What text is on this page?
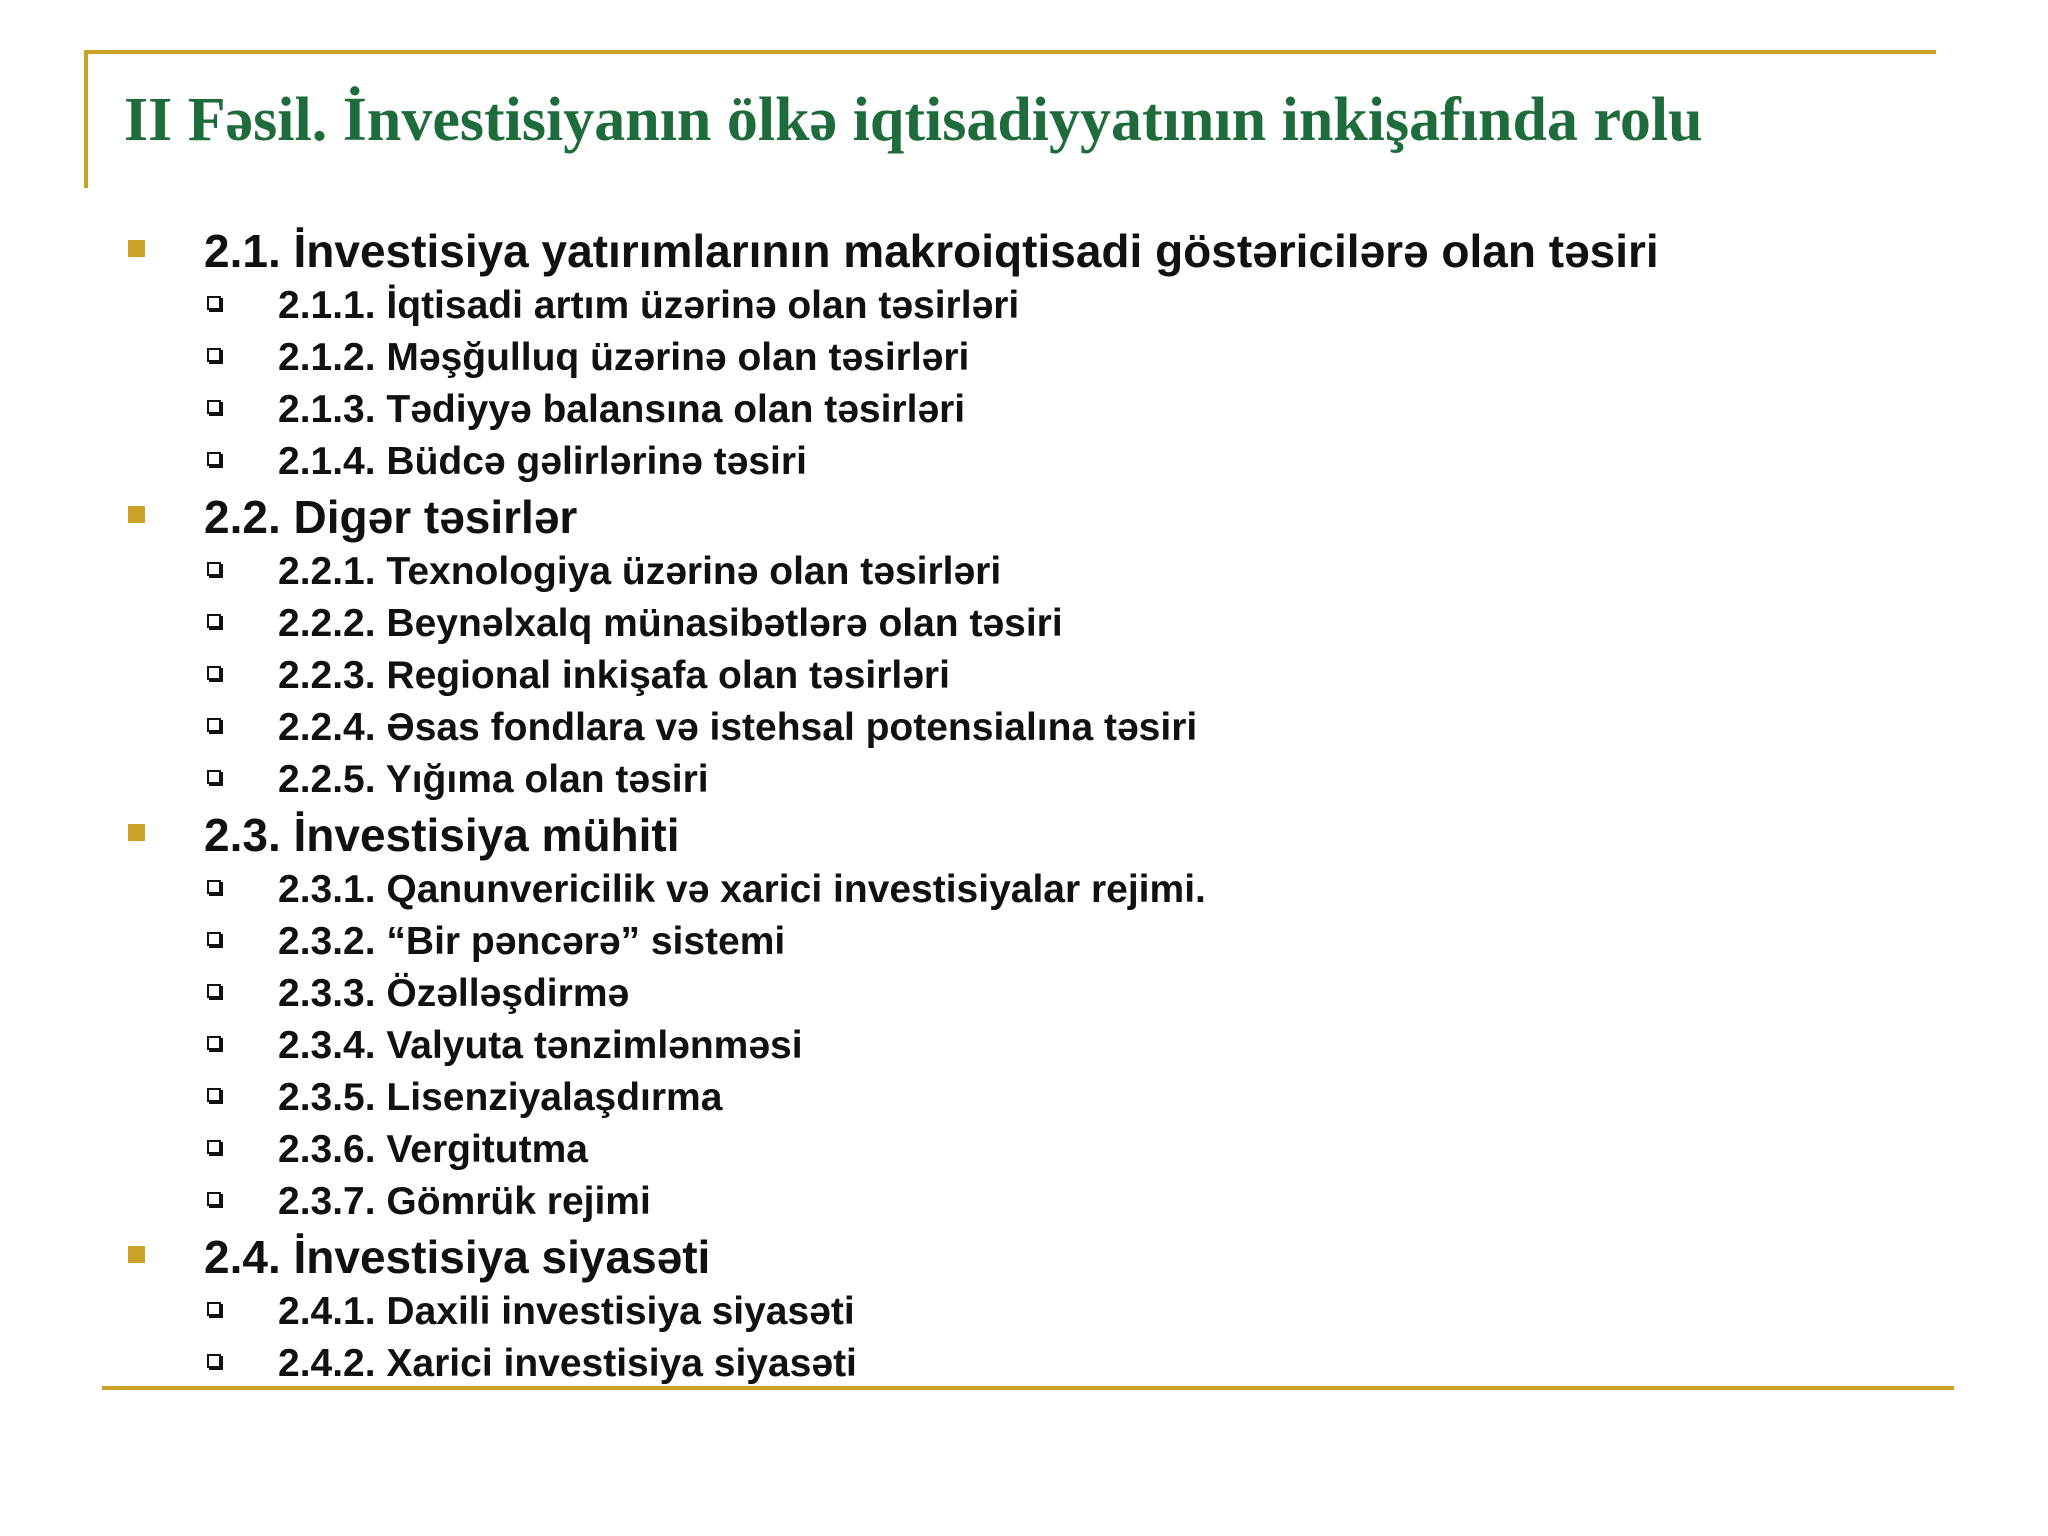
II Fəsil. İnvestisiyanın ölkə iqtisadiyyatının inkişafında rolu
2.1. İnvestisiya yatırımlarının makroiqtisadi göstəricilərə olan təsiri
2.1.1. İqtisadi artım üzərinə olan təsirləri
2.1.2. Məşğulluq üzərinə olan təsirləri
2.1.3. Tədiyyə balansına olan təsirləri
2.1.4. Büdcə gəlirlərinə təsiri
2.2. Digər təsirlər
2.2.1. Texnologiya üzərinə olan təsirləri
2.2.2. Beynəlxalq münasibətlərə olan təsiri
2.2.3. Regional inkişafa olan təsirləri
2.2.4. Əsas fondlara və istehsal potensialına təsiri
2.2.5. Yığıma olan təsiri
2.3. İnvestisiya mühiti
2.3.1. Qanunvericilik və xarici investisiyalar rejimi.
2.3.2. “Bir pəncərə” sistemi
2.3.3. Özəlləşdirmə
2.3.4. Valyuta tənzimlənməsi
2.3.5. Lisenziyalaşdırma
2.3.6. Vergitutma
2.3.7. Gömrük rejimi
2.4. İnvestisiya siyasəti
2.4.1. Daxili investisiya siyasəti
2.4.2. Xarici investisiya siyasəti
